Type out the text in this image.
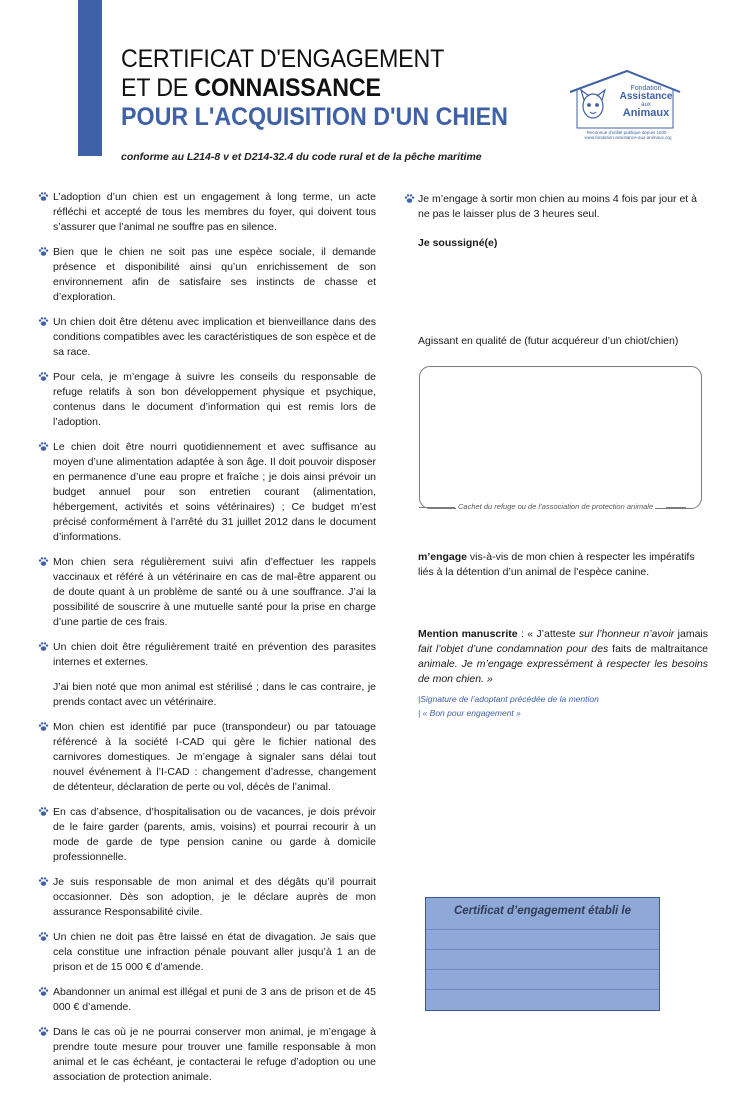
CERTIFICAT D'ENGAGEMENT
ET DE CONNAISSANCE
POUR L'ACQUISITION D'UN CHIEN
conforme au L214-8 v et D214-32.4 du code rural et de la pêche maritime
Fondation
Assistance
aux
Animaux
Reconnue d'utilité publique depuis 1930 · www.fondation-assistance-aux-animaux.org
L’adoption d’un chien est un engagement à long terme, un acte réfléchi et accepté de tous les membres du foyer, qui doivent tous s’assurer que l’animal ne souffre pas en silence.
Bien que le chien ne soit pas une espèce sociale, il demande présence et disponibilité ainsi qu’un enrichissement de son environnement afin de satisfaire ses instincts de chasse et d’exploration.
Un chien doit être détenu avec implication et bienveillance dans des conditions compatibles avec les caractéristiques de son espèce et de sa race.
Pour cela, je m’engage à suivre les conseils du responsable de refuge relatifs à son bon développement physique et psychique, contenus dans le document d’information qui est remis lors de l’adoption.
Le chien doit être nourri quotidiennement et avec suffisance au moyen d’une alimentation adaptée à son âge. Il doit pouvoir disposer en permanence d’une eau propre et fraîche ; je dois ainsi prévoir un budget annuel pour son entretien courant (alimentation, hébergement, activités et soins vétérinaires) ; Ce budget m’est précisé conformément à l’arrêté du 31 juillet 2012 dans le document d’informations.
Mon chien sera régulièrement suivi afin d’effectuer les rappels vaccinaux et référé à un vétérinaire en cas de mal-être apparent ou de doute quant à un problème de santé ou à une souffrance. J’ai la possibilité de souscrire à une mutuelle santé pour la prise en charge d’une partie de ces frais.
Un chien doit être régulièrement traité en prévention des parasites internes et externes.
J’ai bien noté que mon animal est stérilisé ; dans le cas contraire, je prends contact avec un vétérinaire.
Mon chien est identifié par puce (transpondeur) ou par tatouage référencé à la société I-CAD qui gère le fichier national des carnivores domestiques. Je m’engage à signaler sans délai tout nouvel événement à l’I-CAD : changement d’adresse, changement de détenteur, déclaration de perte ou vol, décès de l’animal.
En cas d’absence, d’hospitalisation ou de vacances, je dois prévoir de le faire garder (parents, amis, voisins) et pourrai recourir à un mode de garde de type pension canine ou garde à domicile professionnelle.
Je suis responsable de mon animal et des dégâts qu’il pourrait occasionner. Dès son adoption, je le déclare auprès de mon assurance Responsabilité civile.
Un chien ne doit pas être laissé en état de divagation. Je sais que cela constitue une infraction pénale pouvant aller jusqu’à 1 an de prison et de 15 000 € d’amende.
Abandonner un animal est illégal et puni de 3 ans de prison et de 45 000 € d’amende.
Dans le cas où je ne pourrai conserver mon animal, je m’engage à prendre toute mesure pour trouver une famille responsable à mon animal et le cas échéant, je contacterai le refuge d’adoption ou une association de protection animale.
Je m’engage à sortir mon chien au moins 4 fois par jour et à ne pas le laisser plus de 3 heures seul.
Je soussigné(e)
Agissant en qualité de (futur acquéreur d’un chiot/chien)
Cachet du refuge ou de l’association de protection animale
m’engage vis-à-vis de mon chien à respecter les impératifs liés à la détention d’un animal de l’espèce canine.
Mention manuscrite : « J’atteste sur l’honneur n’avoir jamais fait l’objet d’une condamnation pour des faits de maltraitance animale. Je m’engage expressément à respecter les besoins de mon chien. »
|Signature de l’adoptant précédée de la mention
| « Bon pour engagement »
Certificat d’engagement établi le
